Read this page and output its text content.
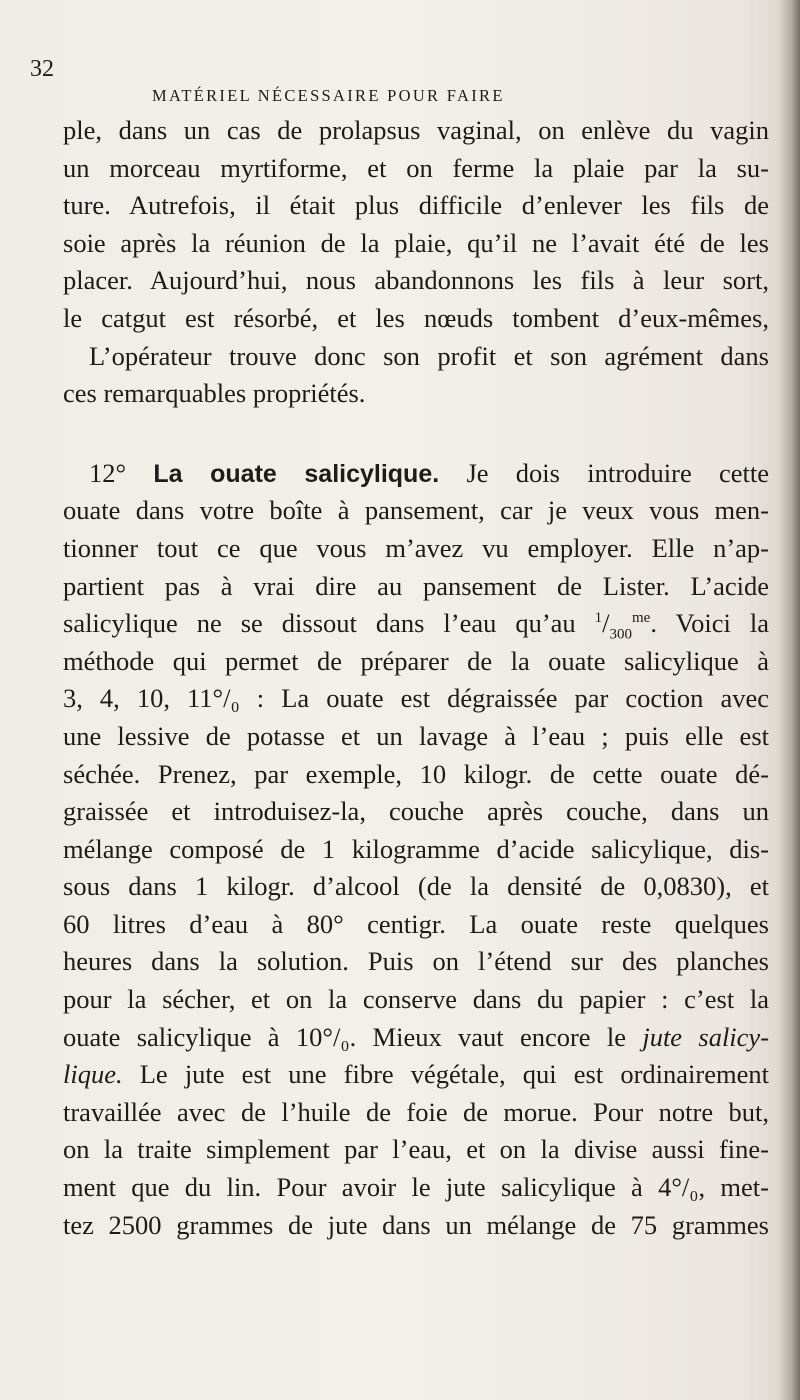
32
MATÉRIEL NÉCESSAIRE POUR FAIRE
ple, dans un cas de prolapsus vaginal, on enlève du vagin
un morceau myrtiforme, et on ferme la plaie par la su-
ture. Autrefois, il était plus difficile d’enlever les fils de
soie après la réunion de la plaie, qu’il ne l’avait été de les
placer. Aujourd’hui, nous abandonnons les fils à leur sort,
le catgut est résorbé, et les nœuds tombent d’eux-mêmes,
L’opérateur trouve donc son profit et son agrément dans
ces remarquables propriétés.
12° La ouate salicylique. Je dois introduire cette
ouate dans votre boîte à pansement, car je veux vous men-
tionner tout ce que vous m’avez vu employer. Elle n’ap-
partient pas à vrai dire au pansement de Lister. L’acide
salicylique ne se dissout dans l’eau qu’au $^1/_{300}^{me}$. Voici la
méthode qui permet de préparer de la ouate salicylique à
3, 4, 10, 11°/₀ : La ouate est dégraissée par coction avec
une lessive de potasse et un lavage à l’eau ; puis elle est
séchée. Prenez, par exemple, 10 kilogr. de cette ouate dé-
graissée et introduisez-la, couche après couche, dans un
mélange composé de 1 kilogramme d’acide salicylique, dis-
sous dans 1 kilogr. d’alcool (de la densité de 0,0830), et
60 litres d’eau à 80° centigr. La ouate reste quelques
heures dans la solution. Puis on l’étend sur des planches
pour la sécher, et on la conserve dans du papier : c’est la
ouate salicylique à 10°/₀. Mieux vaut encore le jute salicy-
lique. Le jute est une fibre végétale, qui est ordinairement
travaillée avec de l’huile de foie de morue. Pour notre but,
on la traite simplement par l’eau, et on la divise aussi fine-
ment que du lin. Pour avoir le jute salicylique à 4°/₀, met-
tez 2500 grammes de jute dans un mélange de 75 grammes
